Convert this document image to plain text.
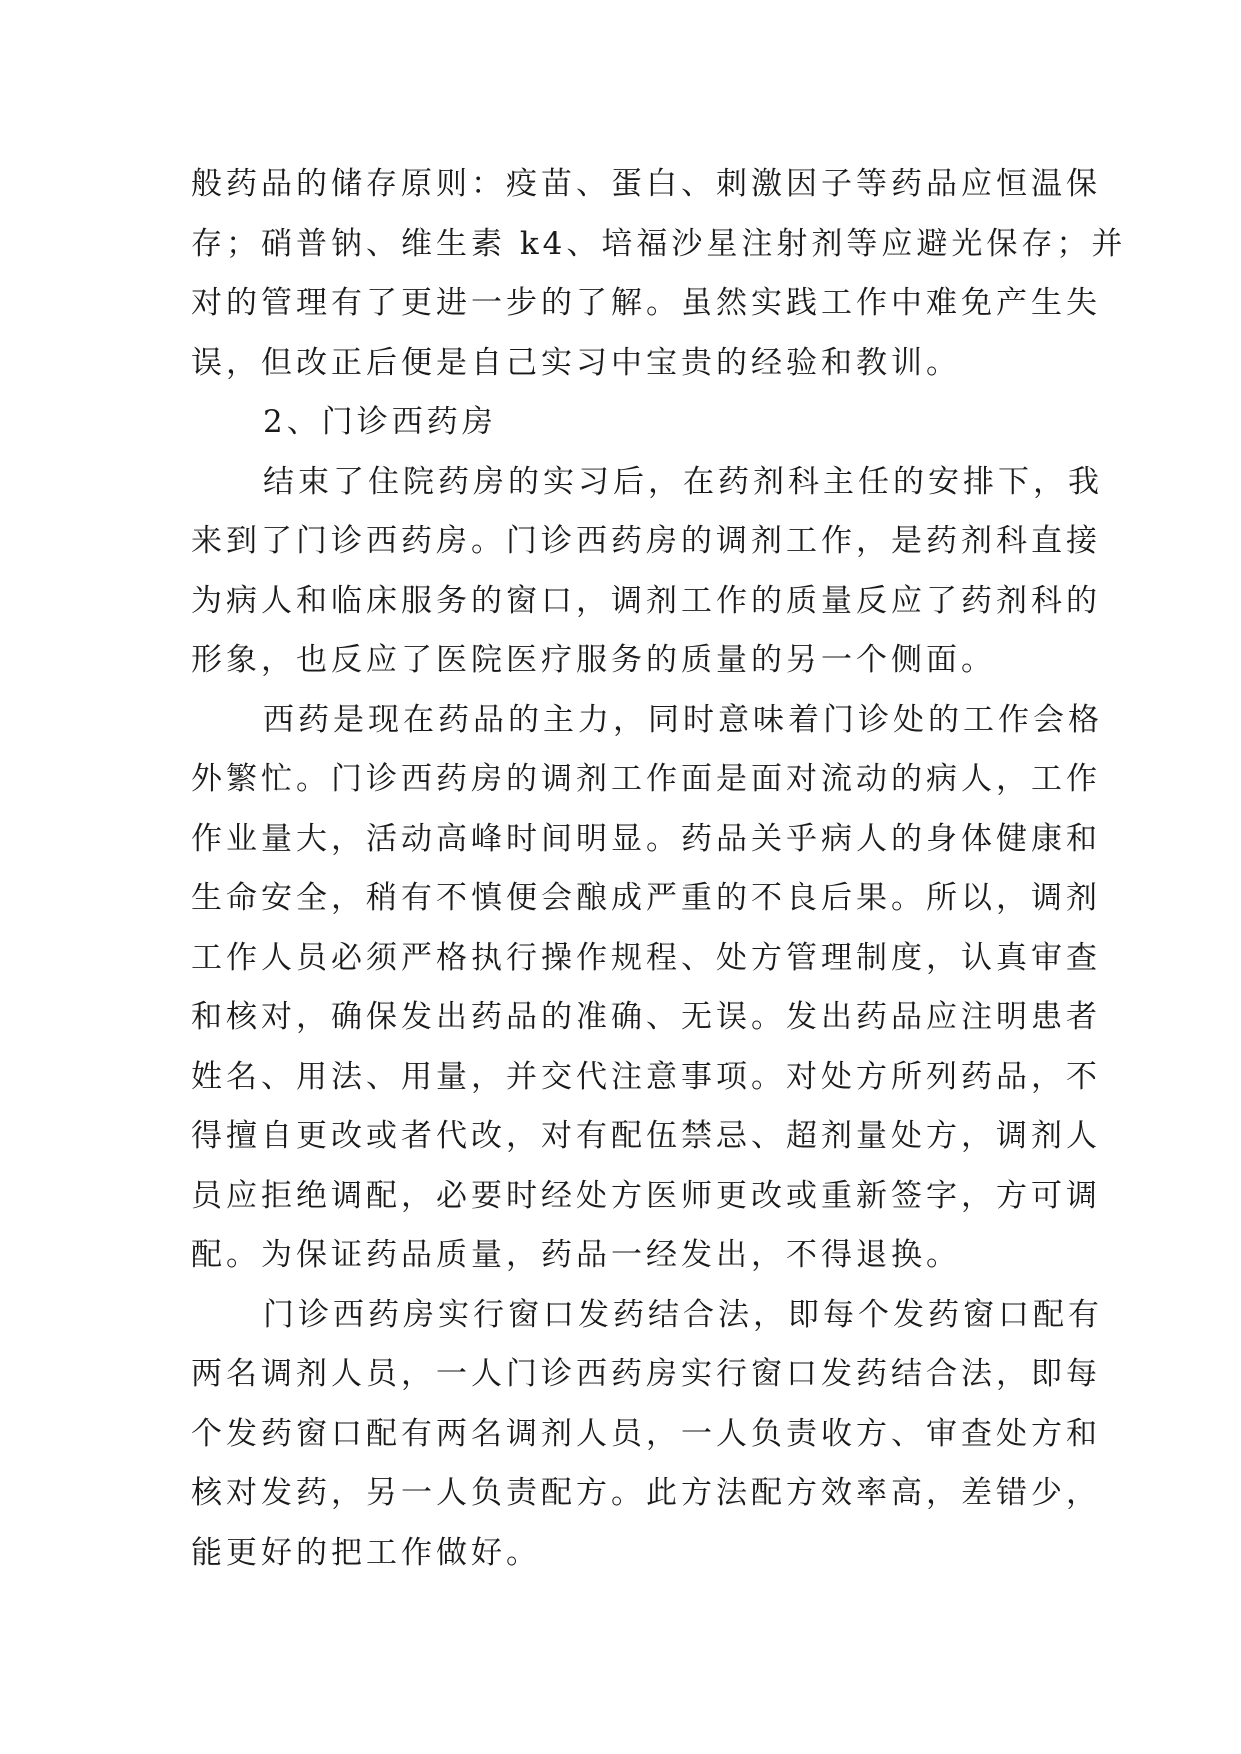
般药品的储存原则：疫苗、蛋白、刺激因子等药品应恒温保
存；硝普钠、维生素 k4、培福沙星注射剂等应避光保存；并
对的管理有了更进一步的了解。虽然实践工作中难免产生失
误，但改正后便是自己实习中宝贵的经验和教训。
2、门诊西药房
结束了住院药房的实习后，在药剂科主任的安排下，我
来到了门诊西药房。门诊西药房的调剂工作，是药剂科直接
为病人和临床服务的窗口，调剂工作的质量反应了药剂科的
形象，也反应了医院医疗服务的质量的另一个侧面。
西药是现在药品的主力，同时意味着门诊处的工作会格
外繁忙。门诊西药房的调剂工作面是面对流动的病人，工作
作业量大，活动高峰时间明显。药品关乎病人的身体健康和
生命安全，稍有不慎便会酿成严重的不良后果。所以，调剂
工作人员必须严格执行操作规程、处方管理制度，认真审查
和核对，确保发出药品的准确、无误。发出药品应注明患者
姓名、用法、用量，并交代注意事项。对处方所列药品，不
得擅自更改或者代改，对有配伍禁忌、超剂量处方，调剂人
员应拒绝调配，必要时经处方医师更改或重新签字，方可调
配。为保证药品质量，药品一经发出，不得退换。
门诊西药房实行窗口发药结合法，即每个发药窗口配有
两名调剂人员，一人门诊西药房实行窗口发药结合法，即每
个发药窗口配有两名调剂人员，一人负责收方、审查处方和
核对发药，另一人负责配方。此方法配方效率高，差错少，
能更好的把工作做好。
